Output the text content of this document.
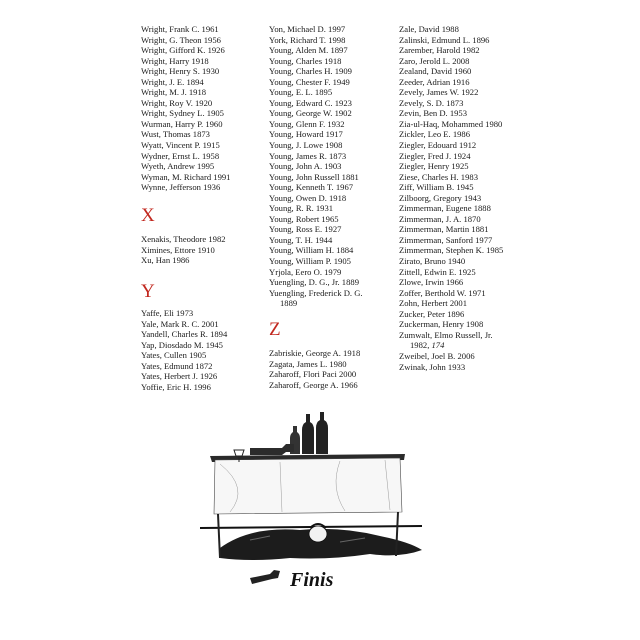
Wright, Frank C. 1961
Wright, G. Theon 1956
Wright, Gifford K. 1926
Wright, Harry 1918
Wright, Henry S. 1930
Wright, J. E. 1894
Wright, M. J. 1918
Wright, Roy V. 1920
Wright, Sydney L. 1905
Wurman, Harry P. 1960
Wust, Thomas 1873
Wyatt, Vincent P. 1915
Wydner, Ernst L. 1958
Wyeth, Andrew 1995
Wyman, M. Richard 1991
Wynne, Jefferson 1936
X
Xenakis, Theodore 1982
Ximines, Ettore 1910
Xu, Han 1986
Y
Yaffe, Eli 1973
Yale, Mark R. C. 2001
Yandell, Charles R. 1894
Yap, Diosdado M. 1945
Yates, Cullen 1905
Yates, Edmund 1872
Yates, Herbert J. 1926
Yoffie, Eric H. 1996
Yon, Michael D. 1997
York, Richard T. 1998
Young, Alden M. 1897
Young, Charles 1918
Young, Charles H. 1909
Young, Chester F. 1949
Young, E. L. 1895
Young, Edward C. 1923
Young, George W. 1902
Young, Glenn F. 1932
Young, Howard 1917
Young, J. Lowe 1908
Young, James R. 1873
Young, John A. 1903
Young, John Russell 1881
Young, Kenneth T. 1967
Young, Owen D. 1918
Young, R. R. 1931
Young, Robert 1965
Young, Ross E. 1927
Young, T. H. 1944
Young, William H. 1884
Young, William P. 1905
Yrjola, Eero O. 1979
Yuengling, D. G., Jr. 1889
Yuengling, Frederick D. G.
1889
Z
Zabriskie, George A. 1918
Zagata, James L. 1980
Zaharoff, Flori Paci 2000
Zaharoff, George A. 1966
Zale, David 1988
Zalinski, Edmund L. 1896
Zarember, Harold 1982
Zaro, Jerold L. 2008
Zealand, David 1960
Zeeder, Adrian 1916
Zevely, James W. 1922
Zevely, S. D. 1873
Zevin, Ben D. 1953
Zia-ul-Haq, Mohammed 1980
Zickler, Leo E. 1986
Ziegler, Edouard 1912
Ziegler, Fred J. 1924
Ziegler, Henry 1925
Ziese, Charles H. 1983
Ziff, William B. 1945
Zilboorg, Gregory 1943
Zimmerman, Eugene 1888
Zimmerman, J. A. 1870
Zimmerman, Martin 1881
Zimmerman, Sanford 1977
Zimmerman, Stephen K. 1985
Zirato, Bruno 1940
Zittell, Edwin E. 1925
Zlowe, Irwin 1966
Zoffer, Berthold W. 1971
Zohn, Herbert 2001
Zucker, Peter 1896
Zuckerman, Henry 1908
Zumwalt, Elmo Russell, Jr.
1982, 174
Zweibel, Joel B. 2006
Zwinak, John 1933
Finis
